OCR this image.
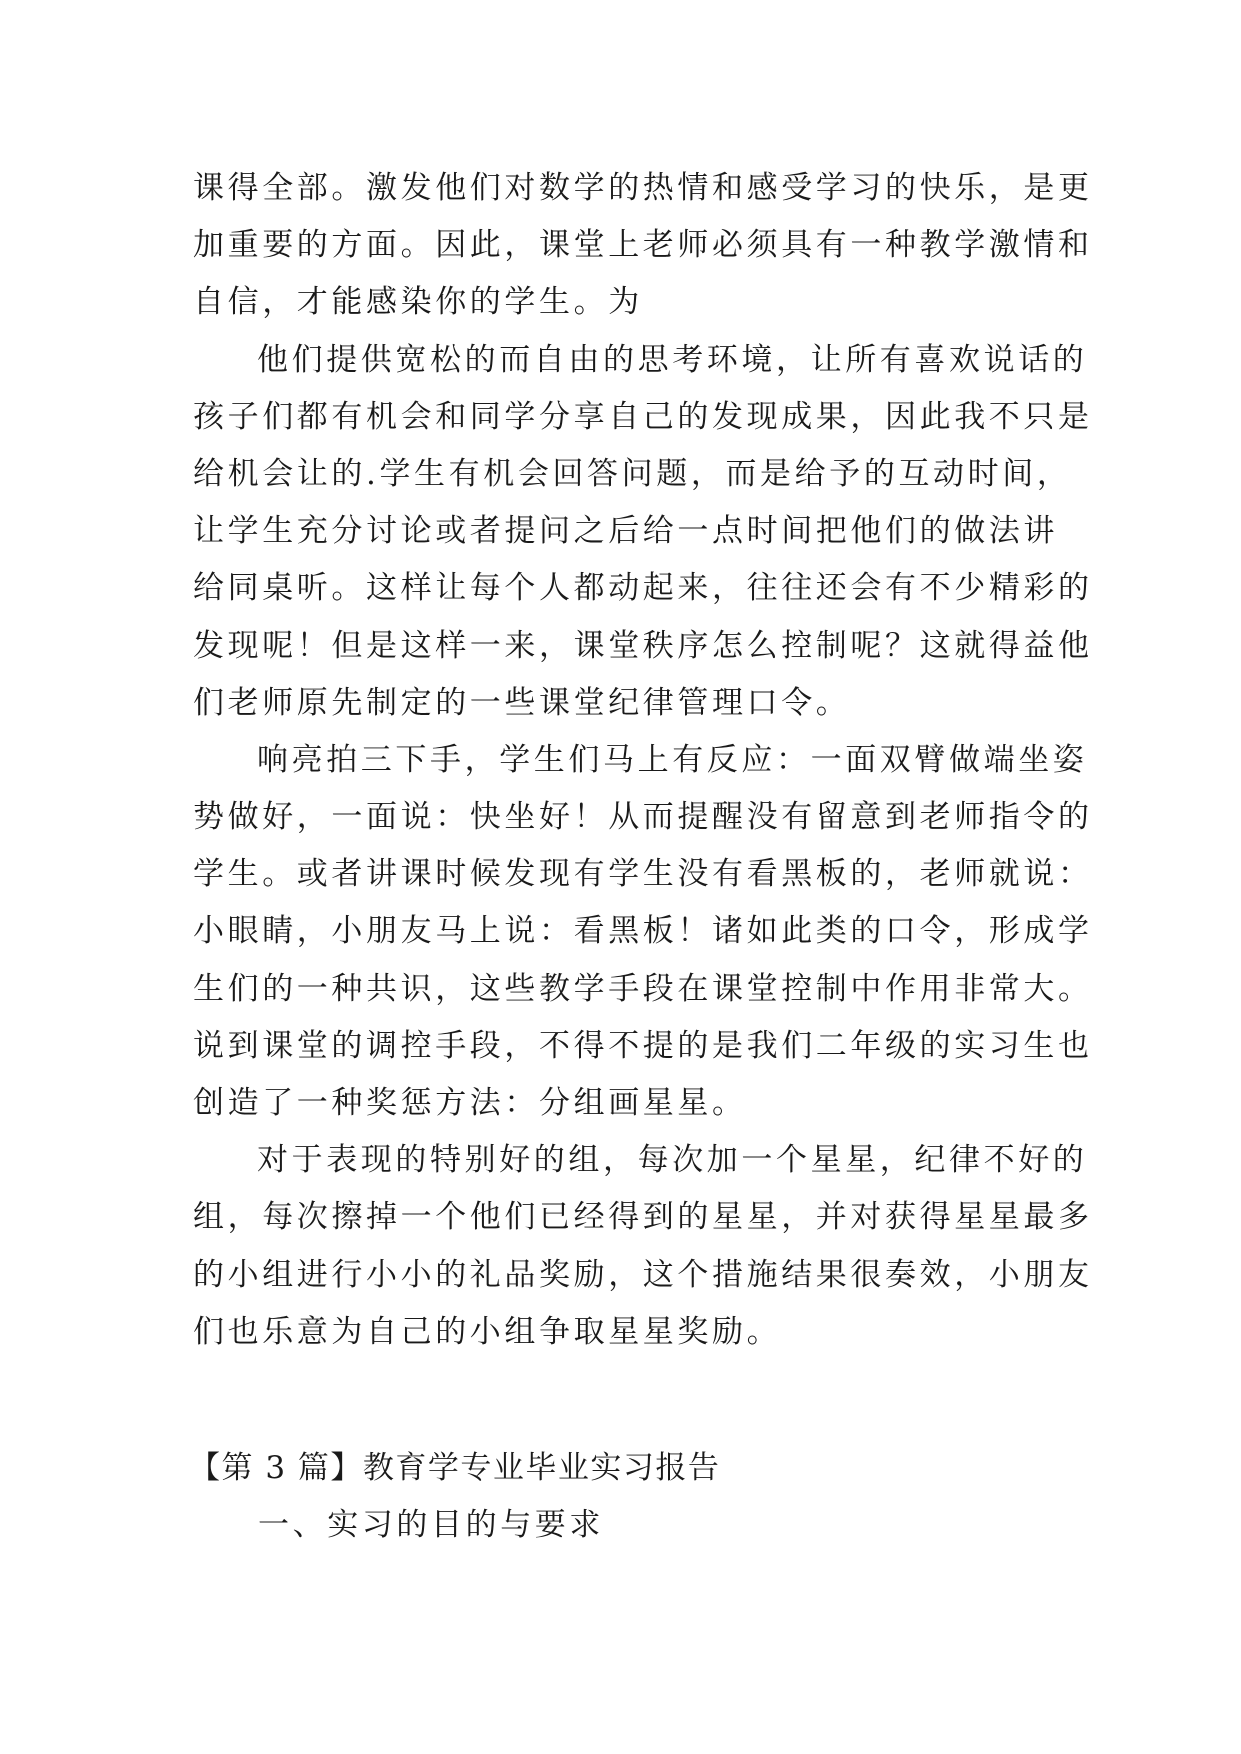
课得全部。激发他们对数学的热情和感受学习的快乐，是更

加重要的方面。因此，课堂上老师必须具有一种教学激情和

自信，才能感染你的学生。为

他们提供宽松的而自由的思考环境，让所有喜欢说话的

孩子们都有机会和同学分享自己的发现成果，因此我不只是

给机会让的.学生有机会回答问题，而是给予的互动时间，

让学生充分讨论或者提问之后给一点时间把他们的做法讲

给同桌听。这样让每个人都动起来，往往还会有不少精彩的

发现呢！但是这样一来，课堂秩序怎么控制呢？这就得益他

们老师原先制定的一些课堂纪律管理口令。

响亮拍三下手，学生们马上有反应：一面双臂做端坐姿

势做好，一面说：快坐好！从而提醒没有留意到老师指令的

学生。或者讲课时候发现有学生没有看黑板的，老师就说：

小眼睛，小朋友马上说：看黑板！诸如此类的口令，形成学

生们的一种共识，这些教学手段在课堂控制中作用非常大。

说到课堂的调控手段，不得不提的是我们二年级的实习生也

创造了一种奖惩方法：分组画星星。

对于表现的特别好的组，每次加一个星星，纪律不好的

组，每次擦掉一个他们已经得到的星星，并对获得星星最多

的小组进行小小的礼品奖励，这个措施结果很奏效，小朋友

们也乐意为自己的小组争取星星奖励。

【第 3 篇】教育学专业毕业实习报告

一、实习的目的与要求
